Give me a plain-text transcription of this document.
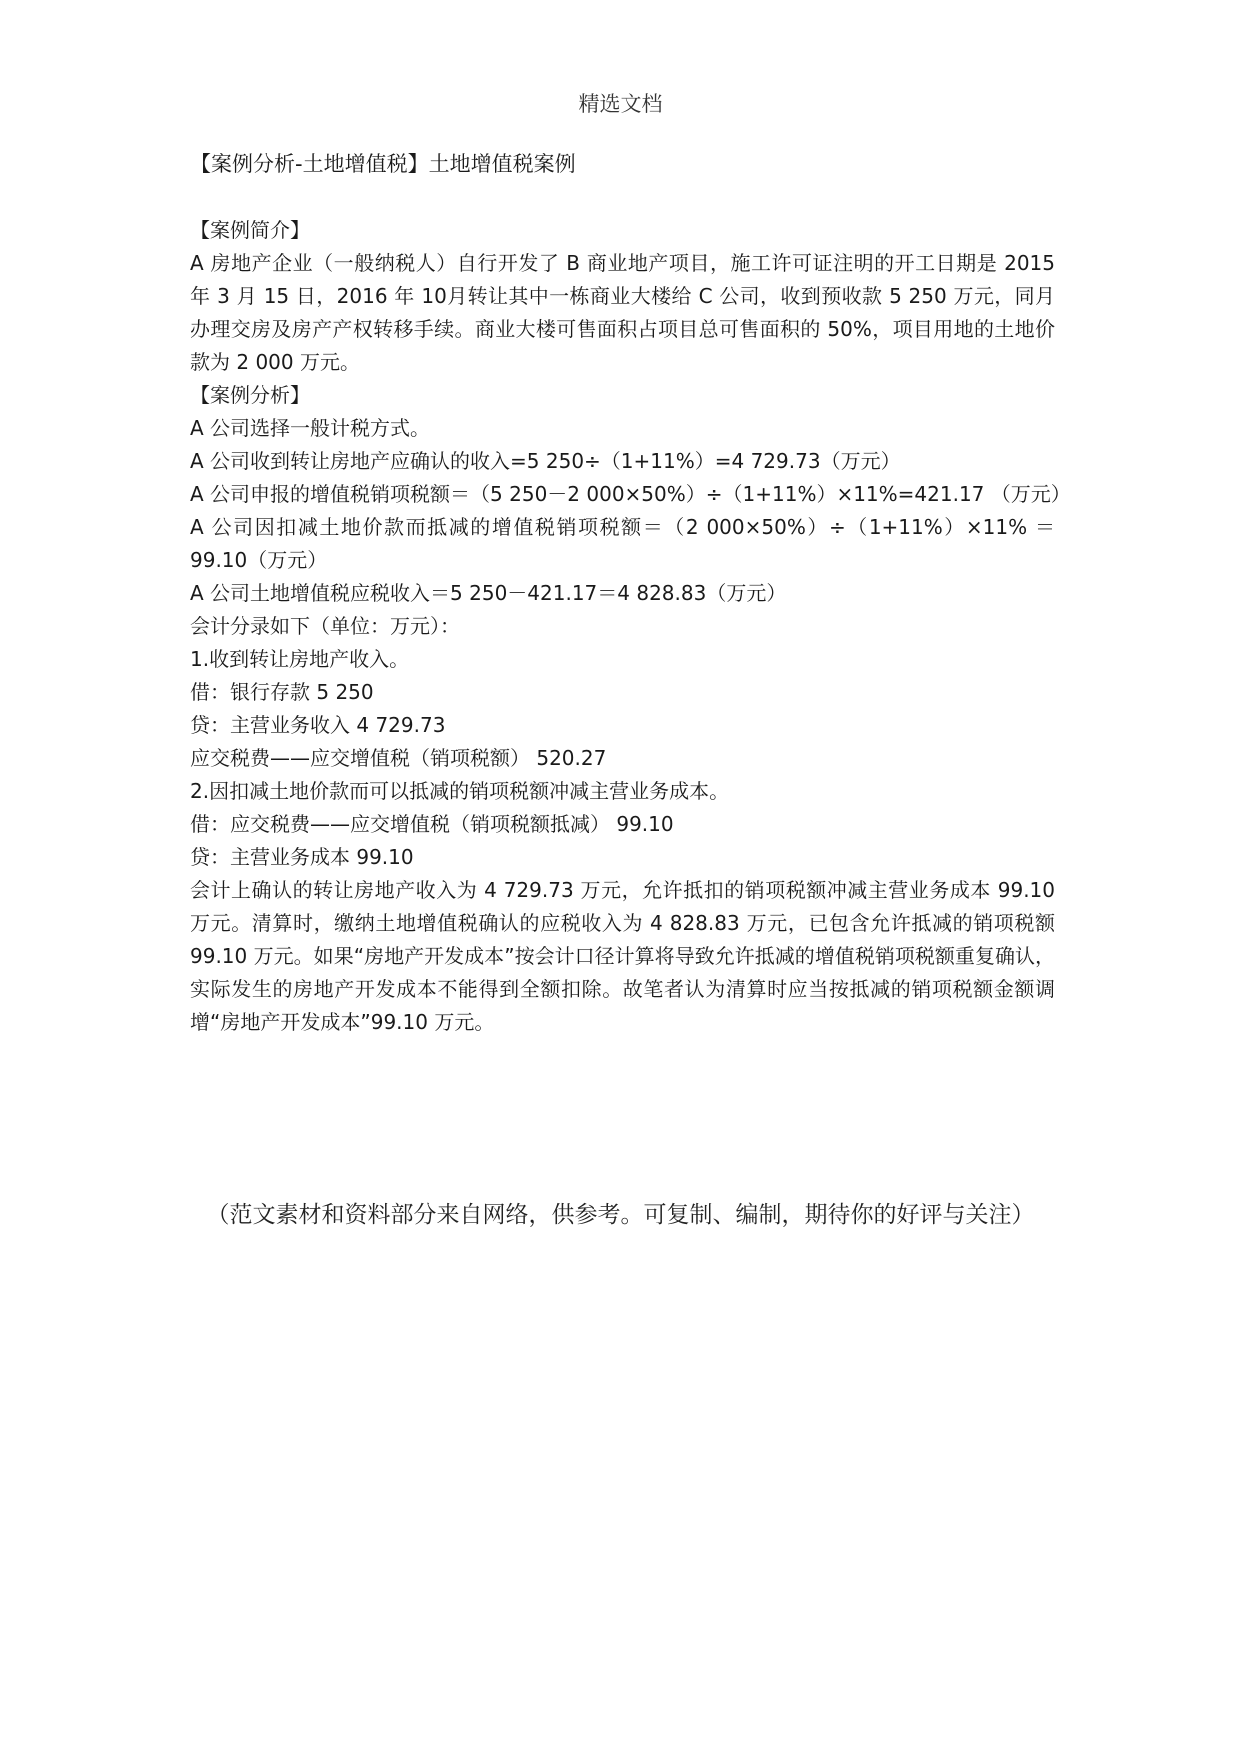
精选文档
【案例分析-土地增值税】土地增值税案例

【案例简介】

A 房地产企业（一般纳税人）自行开发了 B 商业地产项目，施工许可证注明的开工日期是 2015 年 3 月 15 日，2016 年 10月转让其中一栋商业大楼给 C 公司，收到预收款 5 250 万元，同月办理交房及房产产权转移手续。商业大楼可售面积占项目总可售面积的 50%，项目用地的土地价款为 2 000 万元。

【案例分析】

A 公司选择一般计税方式。

A 公司收到转让房地产应确认的收入=5 250÷（1+11%）=4 729.73（万元）

A 公司申报的增值税销项税额＝（5 250－2 000×50%）÷（1+11%）×11%=421.17 （万元）

A 公司因扣减土地价款而抵减的增值税销项税额＝（2 000×50%）÷（1+11%）×11% ＝99.10（万元）

A 公司土地增值税应税收入＝5 250－421.17＝4 828.83（万元）

会计分录如下（单位：万元）：

1.收到转让房地产收入。

借：银行存款 5 250

贷：主营业务收入 4 729.73

应交税费——应交增值税（销项税额） 520.27

2.因扣减土地价款而可以抵减的销项税额冲减主营业务成本。

借：应交税费——应交增值税（销项税额抵减） 99.10

贷：主营业务成本 99.10

会计上确认的转让房地产收入为 4 729.73 万元，允许抵扣的销项税额冲减主营业务成本 99.10 万元。清算时，缴纳土地增值税确认的应税收入为 4 828.83 万元，已包含允许抵减的销项税额 99.10 万元。如果“房地产开发成本”按会计口径计算将导致允许抵减的增值税销项税额重复确认，实际发生的房地产开发成本不能得到全额扣除。故笔者认为清算时应当按抵减的销项税额金额调增“房地产开发成本”99.10 万元。

（范文素材和资料部分来自网络，供参考。可复制、编制，期待你的好评与关注）
